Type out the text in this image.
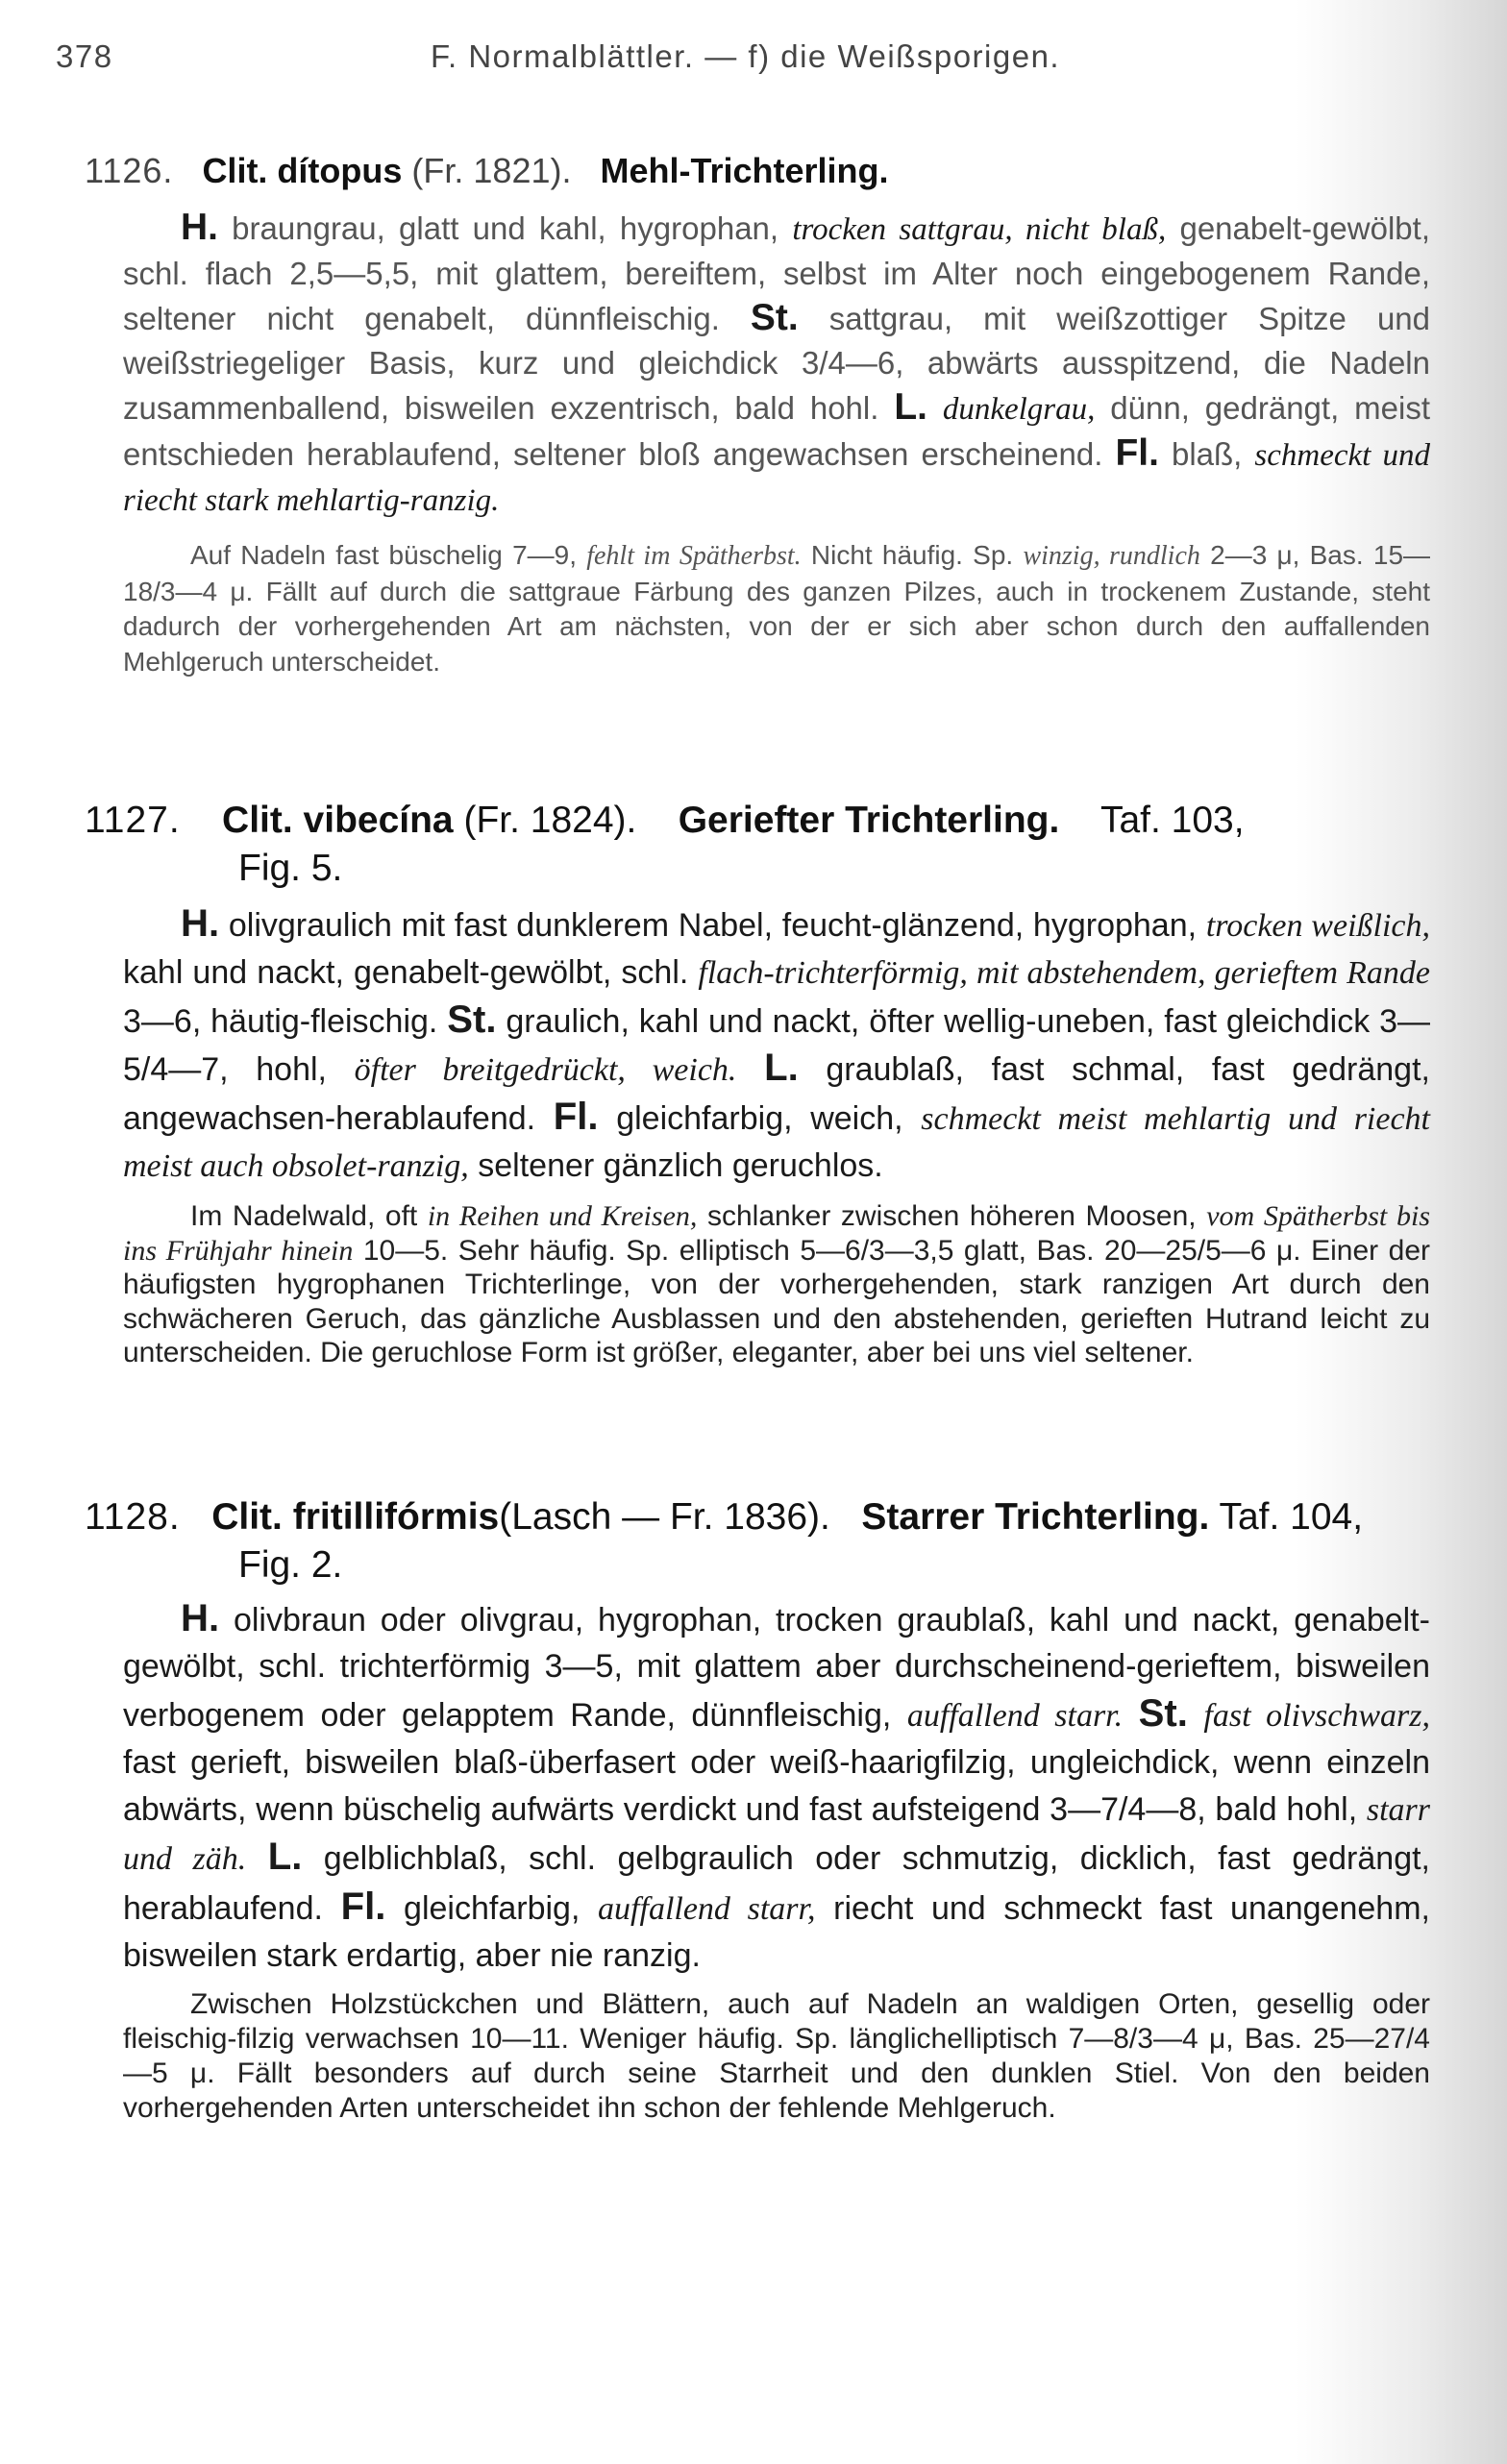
378	F. Normalblättler. — f) die Weißsporigen.
1126. Clit. dítopus (Fr. 1821). Mehl-Trichterling.

H. braungrau, glatt und kahl, hygrophan, trocken sattgrau, nicht blaß, genabelt-gewölbt, schl. flach 2,5—5,5, mit glattem, bereiftem, selbst im Alter noch eingebogenem Rande, seltener nicht genabelt, dünnfleischig. St. sattgrau, mit weißzottiger Spitze und weißstriegeliger Basis, kurz und gleichdick 3/4—6, abwärts ausspitzend, die Nadeln zusammenballend, bisweilen exzentrisch, bald hohl. L. dunkelgrau, dünn, gedrängt, meist entschieden herablaufend, seltener bloß angewachsen erscheinend. Fl. blaß, schmeckt und riecht stark mehlartig-ranzig.

Auf Nadeln fast büschelig 7—9, fehlt im Spätherbst. Nicht häufig. Sp. winzig, rundlich 2—3 μ, Bas. 15—18/3—4 μ. Fällt auf durch die sattgraue Färbung des ganzen Pilzes, auch in trockenem Zustande, steht dadurch der vorhergehenden Art am nächsten, von der er sich aber schon durch den auffallenden Mehlgeruch unterscheidet.

1127. Clit. vibecína (Fr. 1824). Geriefter Trichterling. Taf. 103,
Fig. 5.

H. olivgraulich mit fast dunklerem Nabel, feucht-glänzend, hygrophan, trocken weißlich, kahl und nackt, genabelt-gewölbt, schl. flach-trichterförmig, mit abstehendem, gerieftem Rande 3—6, häutig-fleischig. St. graulich, kahl und nackt, öfter wellig-uneben, fast gleichdick 3—5/4—7, hohl, öfter breitgedrückt, weich. L. graublaß, fast schmal, fast gedrängt, angewachsen-herablaufend. Fl. gleichfarbig, weich, schmeckt meist mehlartig und riecht meist auch obsolet-ranzig, seltener gänzlich geruchlos.

Im Nadelwald, oft in Reihen und Kreisen, schlanker zwischen höheren Moosen, vom Spätherbst bis ins Frühjahr hinein 10—5. Sehr häufig. Sp. elliptisch 5—6/3—3,5 glatt, Bas. 20—25/5—6 μ. Einer der häufigsten hygrophanen Trichterlinge, von der vorhergehenden, stark ranzigen Art durch den schwächeren Geruch, das gänzliche Ausblassen und den abstehenden, gerieften Hutrand leicht zu unterscheiden. Die geruchlose Form ist größer, eleganter, aber bei uns viel seltener.

1128. Clit. fritillifórmis(Lasch — Fr. 1836). Starrer Trichterling. Taf. 104,
Fig. 2.

H. olivbraun oder olivgrau, hygrophan, trocken graublaß, kahl und nackt, genabelt-gewölbt, schl. trichterförmig 3—5, mit glattem aber durchscheinend-gerieftem, bisweilen verbogenem oder gelapptem Rande, dünnfleischig, auffallend starr. St. fast olivschwarz, fast gerieft, bisweilen blaß-überfasert oder weiß-haarigfilzig, ungleichdick, wenn einzeln abwärts, wenn büschelig aufwärts verdickt und fast aufsteigend 3—7/4—8, bald hohl, starr und zäh. L. gelblichblaß, schl. gelbgraulich oder schmutzig, dicklich, fast gedrängt, herablaufend. Fl. gleichfarbig, auffallend starr, riecht und schmeckt fast unangenehm, bisweilen stark erdartig, aber nie ranzig.

Zwischen Holzstückchen und Blättern, auch auf Nadeln an waldigen Orten, gesellig oder fleischig-filzig verwachsen 10—11. Weniger häufig. Sp. länglichelliptisch 7—8/3—4 μ, Bas. 25—27/4—5 μ. Fällt besonders auf durch seine Starrheit und den dunklen Stiel. Von den beiden vorhergehenden Arten unterscheidet ihn schon der fehlende Mehlgeruch.
